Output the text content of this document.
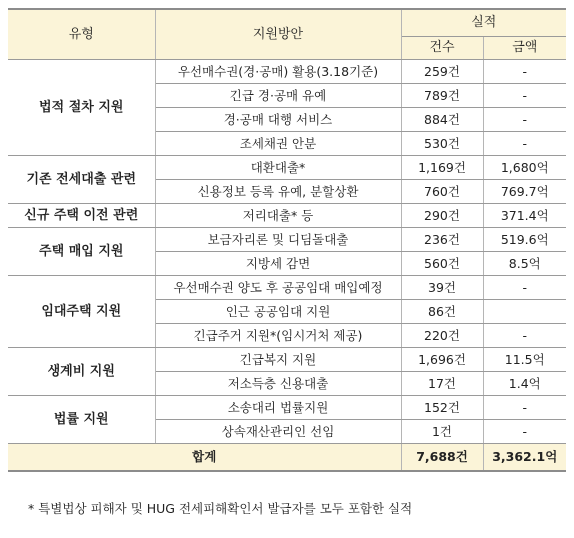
유형	지원방안	실적	
		건수	금액
법적 절차 지원	우선매수권(경·공매) 활용(3.18기준)	259건	-
	긴급 경·공매 유예	789건	-
	경·공매 대행 서비스	884건	-
	조세채권 안분	530건	-
기존 전세대출 관련	대환대출*	1,169건	1,680억
	신용정보 등록 유예, 분할상환	760건	769.7억
신규 주택 이전 관련	저리대출* 등	290건	371.4억
주택 매입 지원	보금자리론 및 디딤돌대출	236건	519.6억
	지방세 감면	560건	8.5억
임대주택 지원	우선매수권 양도 후 공공임대 매입예정	39건	-
	인근 공공임대 지원	86건	
	긴급주거 지원*(임시거처 제공)	220건	-
생계비 지원	긴급복지 지원	1,696건	11.5억
	저소득층 신용대출	17건	1.4억
법률 지원	소송대리 법률지원	152건	-
	상속재산관리인 선임	1건	-
합계		7,688건	3,362.1억
* 특별법상 피해자 및 HUG 전세피해확인서 발급자를 모두 포함한 실적
